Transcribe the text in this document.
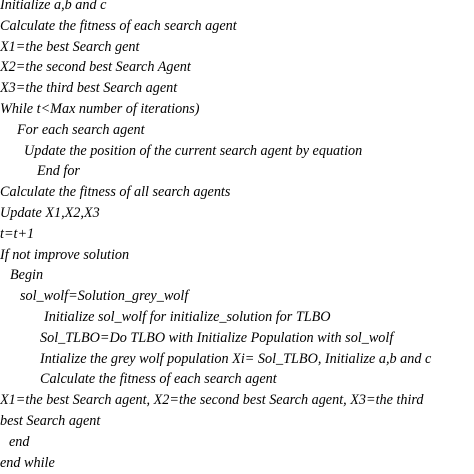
Initialize a,b and c
Calculate the fitness of each search agent
X1=the best Search gent
X2=the second best Search Agent
X3=the third best Search agent
While t<Max number of iterations)
For each search agent
Update the position of the current search agent by equation
End for
Calculate the fitness of all search agents
Update X1,X2,X3
t=t+1
If not improve solution
Begin
sol_wolf=Solution_grey_wolf
Initialize sol_wolf for initialize_solution for TLBO
Sol_TLBO=Do TLBO with Initialize Population with sol_wolf
Intialize the grey wolf population Xi= Sol_TLBO, Initialize a,b and c
Calculate the fitness of each search agent
X1=the best Search agent, X2=the second best Search agent, X3=the third
best Search agent
end
end while
